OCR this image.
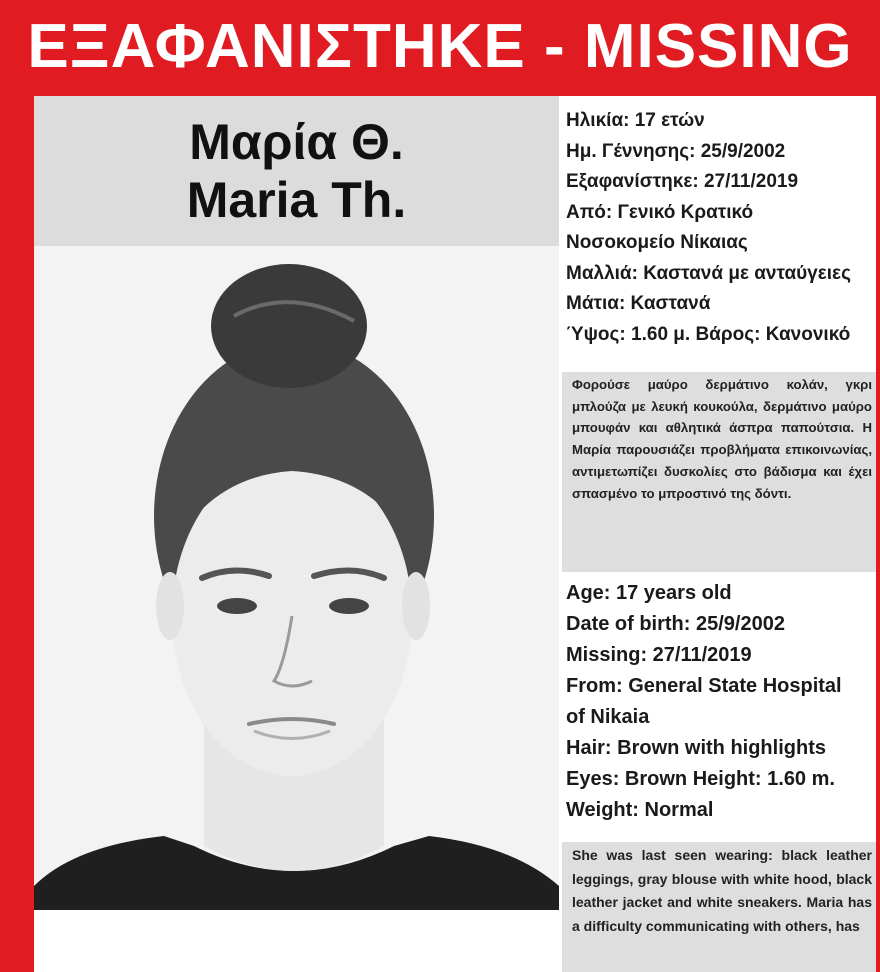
ΕΞΑΦΑΝΙΣΤΗΚΕ - MISSING
Μαρία Θ.
Maria Th.
Ηλικία: 17 ετών
Ημ. Γέννησης: 25/9/2002
Εξαφανίστηκε: 27/11/2019
Από: Γενικό Κρατικό
Νοσοκομείο Νίκαιας
Μαλλιά: Καστανά με ανταύγειες
Μάτια: Καστανά
Ύψος: 1.60 μ. Βάρος: Κανονικό
Φορούσε μαύρο δερμάτινο κολάν, γκρι μπλούζα με λευκή κουκούλα, δερμάτινο μαύρο μπουφάν και αθλητικά άσπρα παπούτσια. Η Μαρία παρουσιάζει προβλήματα επικοινωνίας, αντιμετωπίζει δυσκολίες στο βάδισμα και έχει σπασμένο το μπροστινό της δόντι.
Age: 17 years old
Date of birth: 25/9/2002
Missing: 27/11/2019
From: General State Hospital
of Nikaia
Hair: Brown with highlights
Eyes: Brown Height: 1.60 m.
Weight: Normal
She was last seen wearing: black leather leggings, gray blouse with white hood, black leather jacket and white sneakers. Maria has a difficulty communicating with others, has
